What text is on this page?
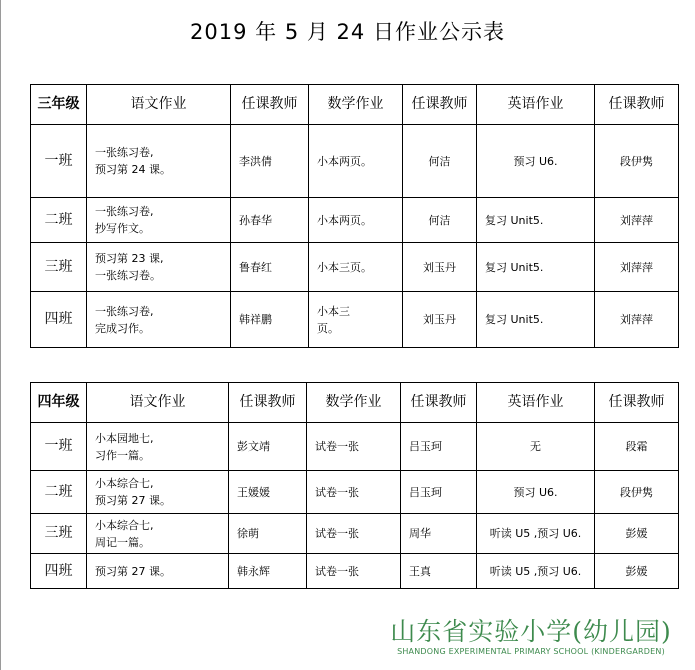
2019 年 5 月 24 日作业公示表
三年级	语文作业	任课教师	数学作业	任课教师	英语作业	任课教师
一班	一张练习卷,
预习第 24 课。	李洪倩	小本两页。	何洁	预习 U6.	段伊隽
二班	一张练习卷,
抄写作文。	孙春华	小本两页。	何洁	复习 Unit5.	刘萍萍
三班	预习第 23 课,
一张练习卷。	鲁春红	小本三页。	刘玉丹	复习 Unit5.	刘萍萍
四班	一张练习卷,
完成习作。	韩祥鹏	小本三
页。	刘玉丹	复习 Unit5.	刘萍萍
四年级	语文作业	任课教师	数学作业	任课教师	英语作业	任课教师
一班	小本园地七,
习作一篇。	彭文靖	试卷一张	吕玉珂	无	段霜
二班	小本综合七,
预习第 27 课。	王媛媛	试卷一张	吕玉珂	预习 U6.	段伊隽
三班	小本综合七,
周记一篇。	徐萌	试卷一张	周华	听读 U5 ,预习 U6.	彭媛
四班	预习第 27 课。	韩永辉	试卷一张	王真	听读 U5 ,预习 U6.	彭媛
山东省实验小学(幼儿园)
SHANDONG EXPERIMENTAL PRIMARY SCHOOL (KINDERGARDEN)
